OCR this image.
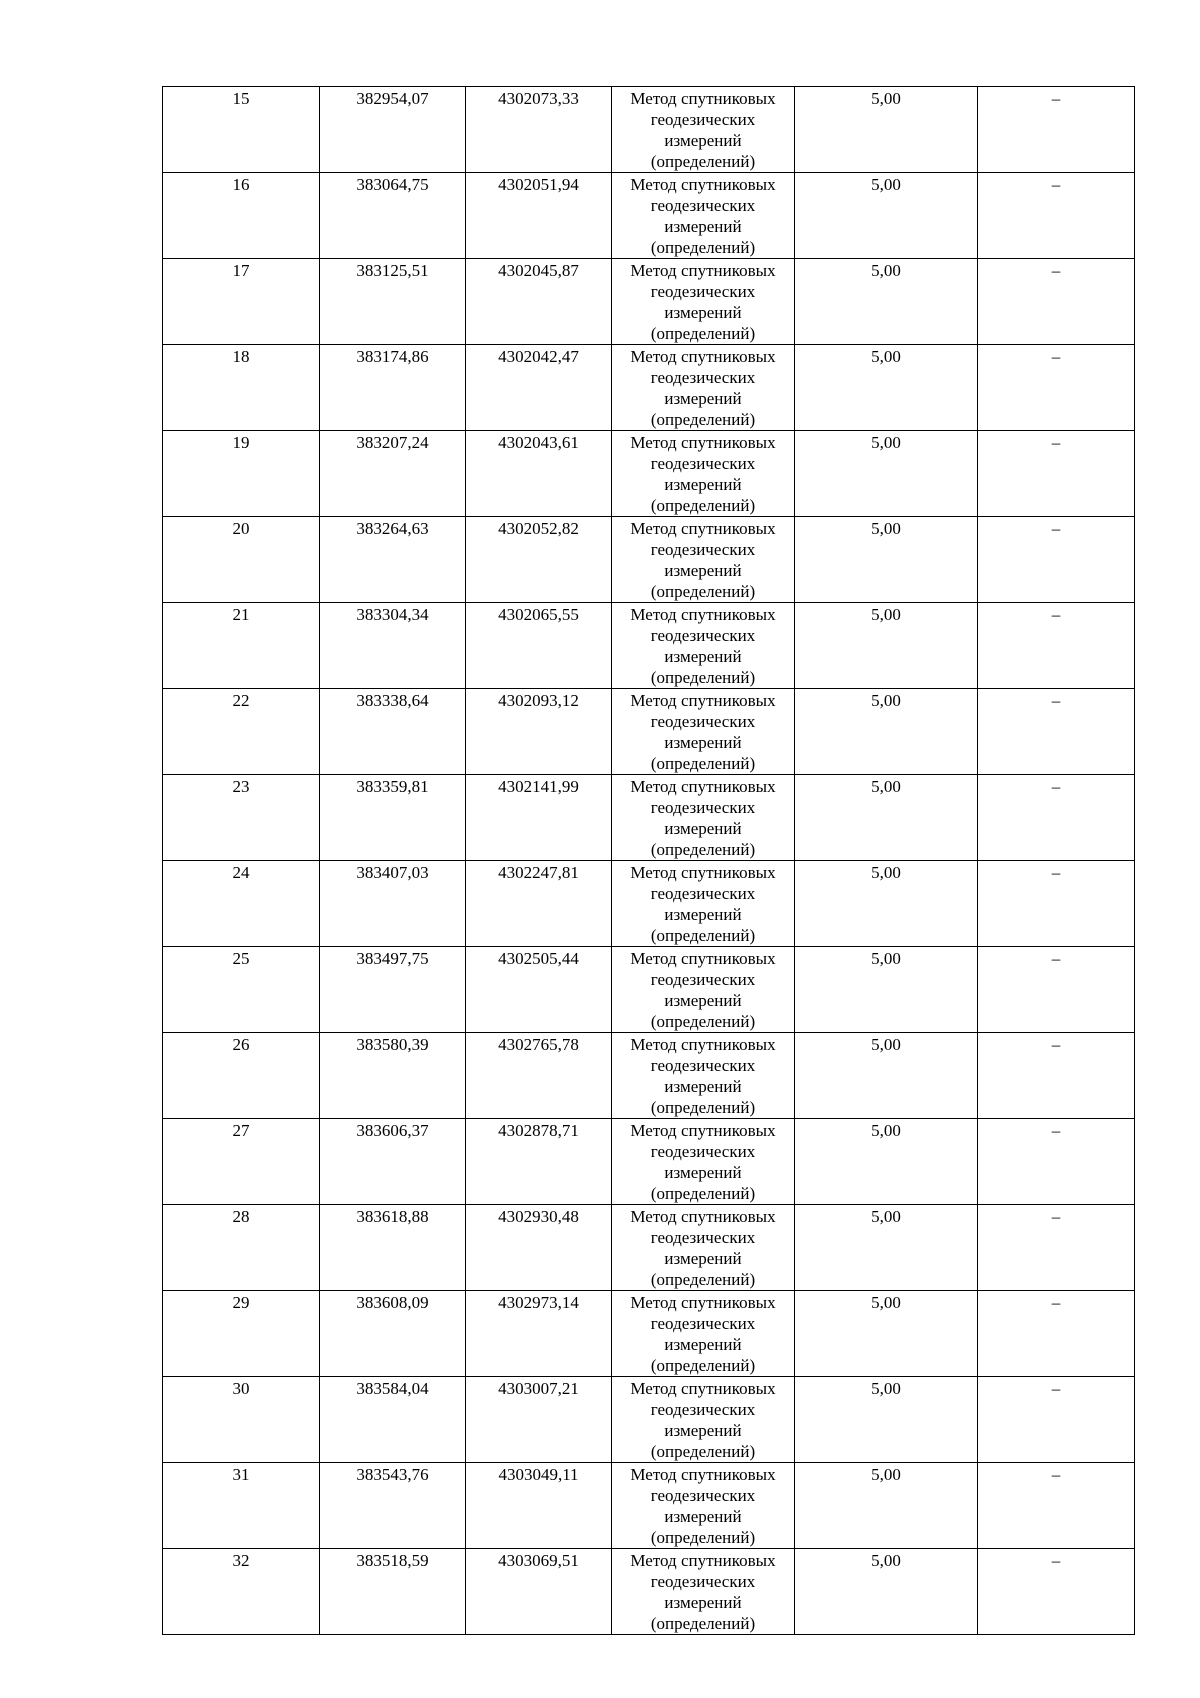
15	382954,07	4302073,33	Метод спутниковых
геодезических
измерений
(определений)	5,00	–
16	383064,75	4302051,94	Метод спутниковых
геодезических
измерений
(определений)	5,00	–
17	383125,51	4302045,87	Метод спутниковых
геодезических
измерений
(определений)	5,00	–
18	383174,86	4302042,47	Метод спутниковых
геодезических
измерений
(определений)	5,00	–
19	383207,24	4302043,61	Метод спутниковых
геодезических
измерений
(определений)	5,00	–
20	383264,63	4302052,82	Метод спутниковых
геодезических
измерений
(определений)	5,00	–
21	383304,34	4302065,55	Метод спутниковых
геодезических
измерений
(определений)	5,00	–
22	383338,64	4302093,12	Метод спутниковых
геодезических
измерений
(определений)	5,00	–
23	383359,81	4302141,99	Метод спутниковых
геодезических
измерений
(определений)	5,00	–
24	383407,03	4302247,81	Метод спутниковых
геодезических
измерений
(определений)	5,00	–
25	383497,75	4302505,44	Метод спутниковых
геодезических
измерений
(определений)	5,00	–
26	383580,39	4302765,78	Метод спутниковых
геодезических
измерений
(определений)	5,00	–
27	383606,37	4302878,71	Метод спутниковых
геодезических
измерений
(определений)	5,00	–
28	383618,88	4302930,48	Метод спутниковых
геодезических
измерений
(определений)	5,00	–
29	383608,09	4302973,14	Метод спутниковых
геодезических
измерений
(определений)	5,00	–
30	383584,04	4303007,21	Метод спутниковых
геодезических
измерений
(определений)	5,00	–
31	383543,76	4303049,11	Метод спутниковых
геодезических
измерений
(определений)	5,00	–
32	383518,59	4303069,51	Метод спутниковых
геодезических
измерений
(определений)	5,00	–
